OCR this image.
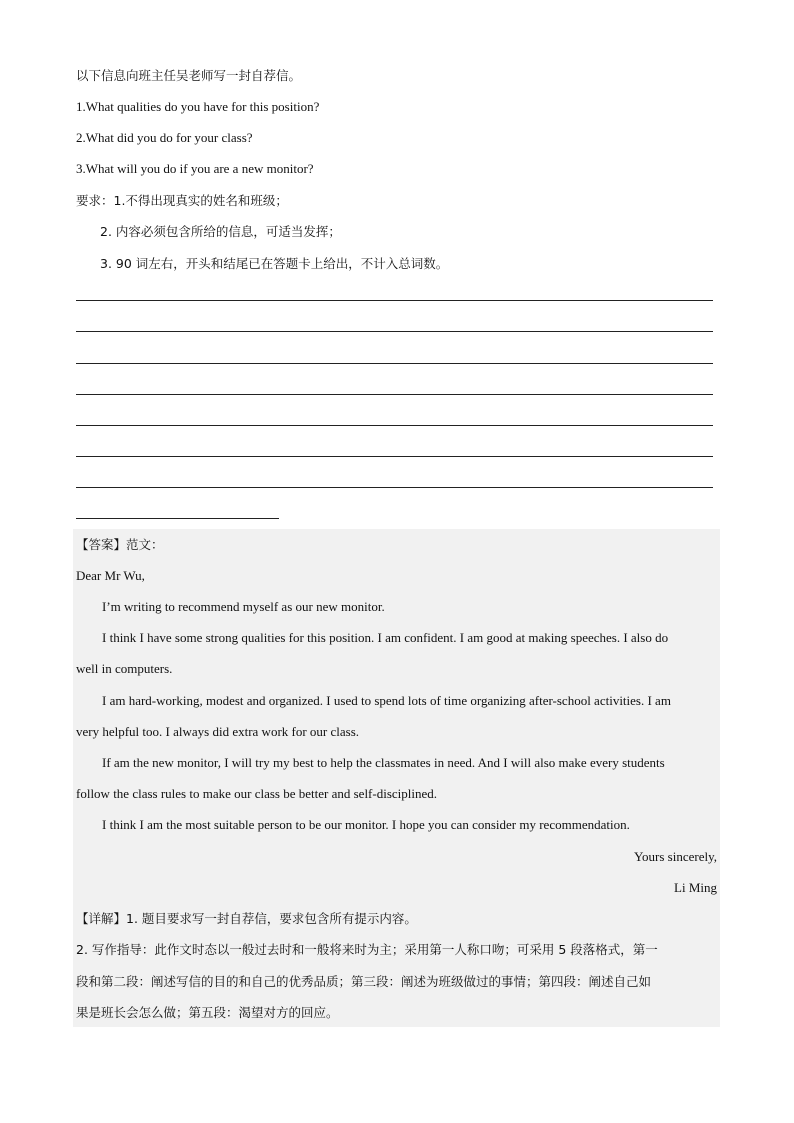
以下信息向班主任吴老师写一封自荐信。
1.What qualities do you have for this position?
2.What did you do for your class?
3.What will you do if you are a new monitor?
要求：1.不得出现真实的姓名和班级；
2. 内容必须包含所给的信息，可适当发挥；
3. 90 词左右，开头和结尾已在答题卡上给出，不计入总词数。
【答案】范文：
Dear Mr Wu,
I’m writing to recommend myself as our new monitor.
I think I have some strong qualities for this position. I am confident. I am good at making speeches. I also do
well in computers.
I am hard-working, modest and organized. I used to spend lots of time organizing after-school activities. I am
very helpful too. I always did extra work for our class.
If am the new monitor, I will try my best to help the classmates in need. And I will also make every students
follow the class rules to make our class be better and self-disciplined.
I think I am the most suitable person to be our monitor. I hope you can consider my recommendation.
Yours sincerely,
Li Ming
【详解】1. 题目要求写一封自荐信，要求包含所有提示内容。
2. 写作指导：此作文时态以一般过去时和一般将来时为主；采用第一人称口吻；可采用 5 段落格式，第一
段和第二段：阐述写信的目的和自己的优秀品质；第三段：阐述为班级做过的事情；第四段：阐述自己如
果是班长会怎么做；第五段：渴望对方的回应。
